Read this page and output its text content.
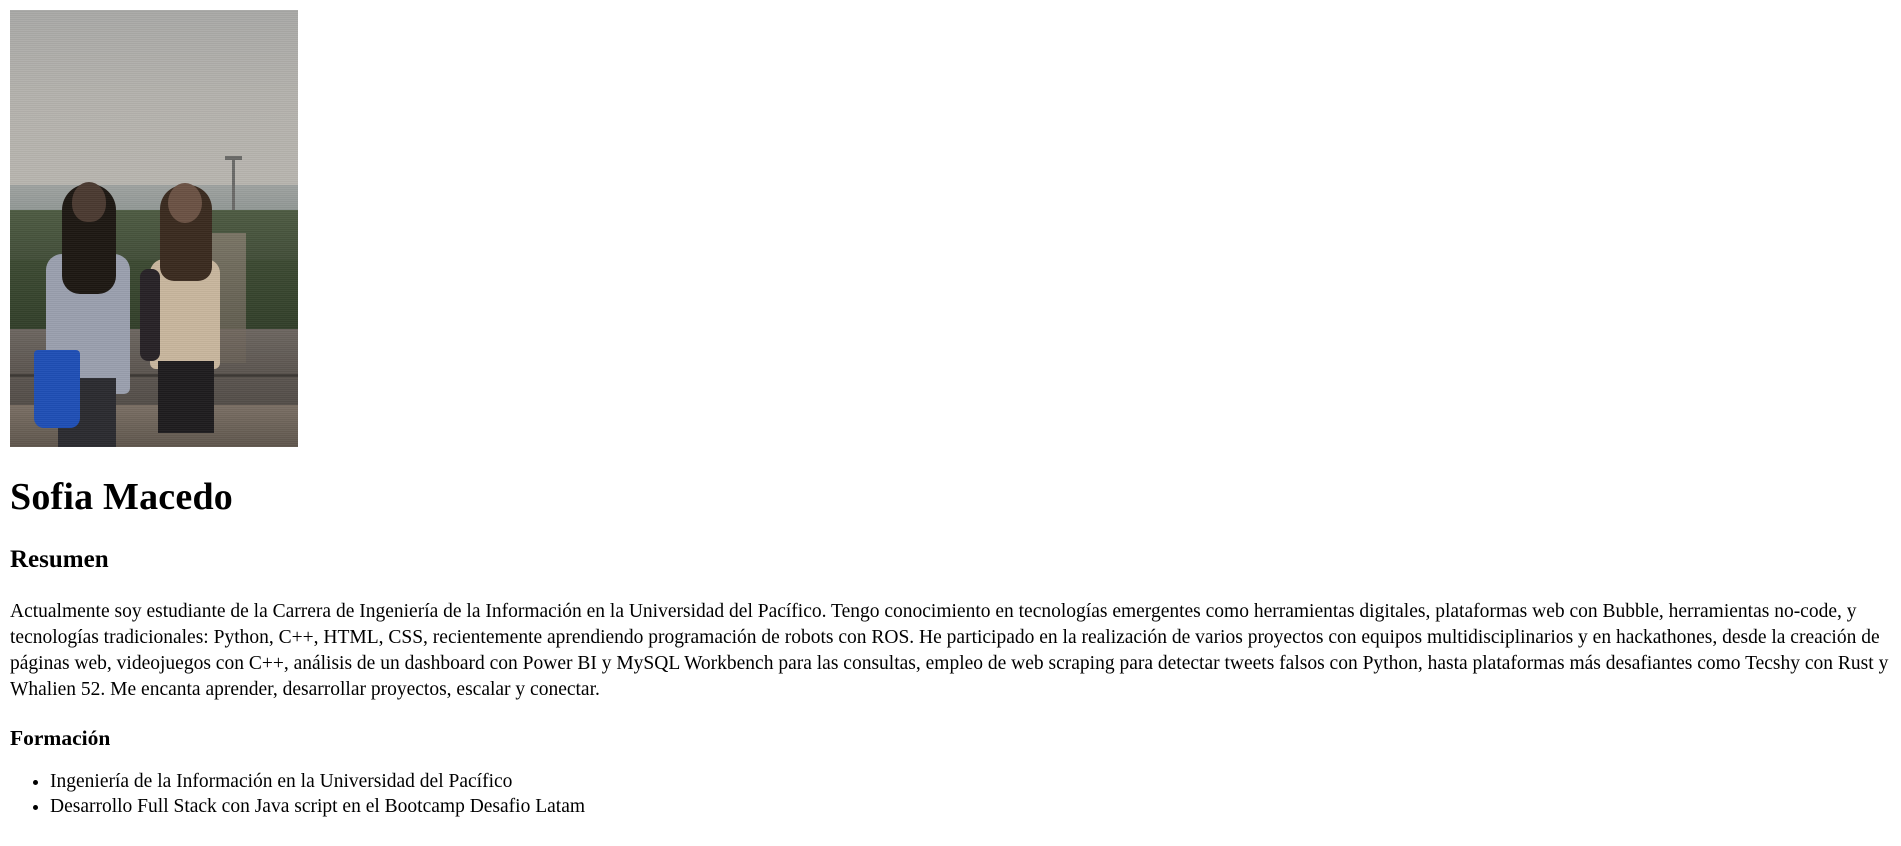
Sofia Macedo
Resumen

Actualmente soy estudiante de la Carrera de Ingeniería de la Información en la Universidad del Pacífico. Tengo conocimiento en tecnologías emergentes como herramientas digitales, plataformas web con Bubble, herramientas no-code, y tecnologías tradicionales: Python, C++, HTML, CSS, recientemente aprendiendo programación de robots con ROS. He participado en la realización de varios proyectos con equipos multidisciplinarios y en hackathones, desde la creación de páginas web, videojuegos con C++, análisis de un dashboard con Power BI y MySQL Workbench para las consultas, empleo de web scraping para detectar tweets falsos con Python, hasta plataformas más desafiantes como Tecshy con Rust y Whalien 52. Me encanta aprender, desarrollar proyectos, escalar y conectar.

Formación
• Ingeniería de la Información en la Universidad del Pacífico
• Desarrollo Full Stack con Java script en el Bootcamp Desafio Latam
